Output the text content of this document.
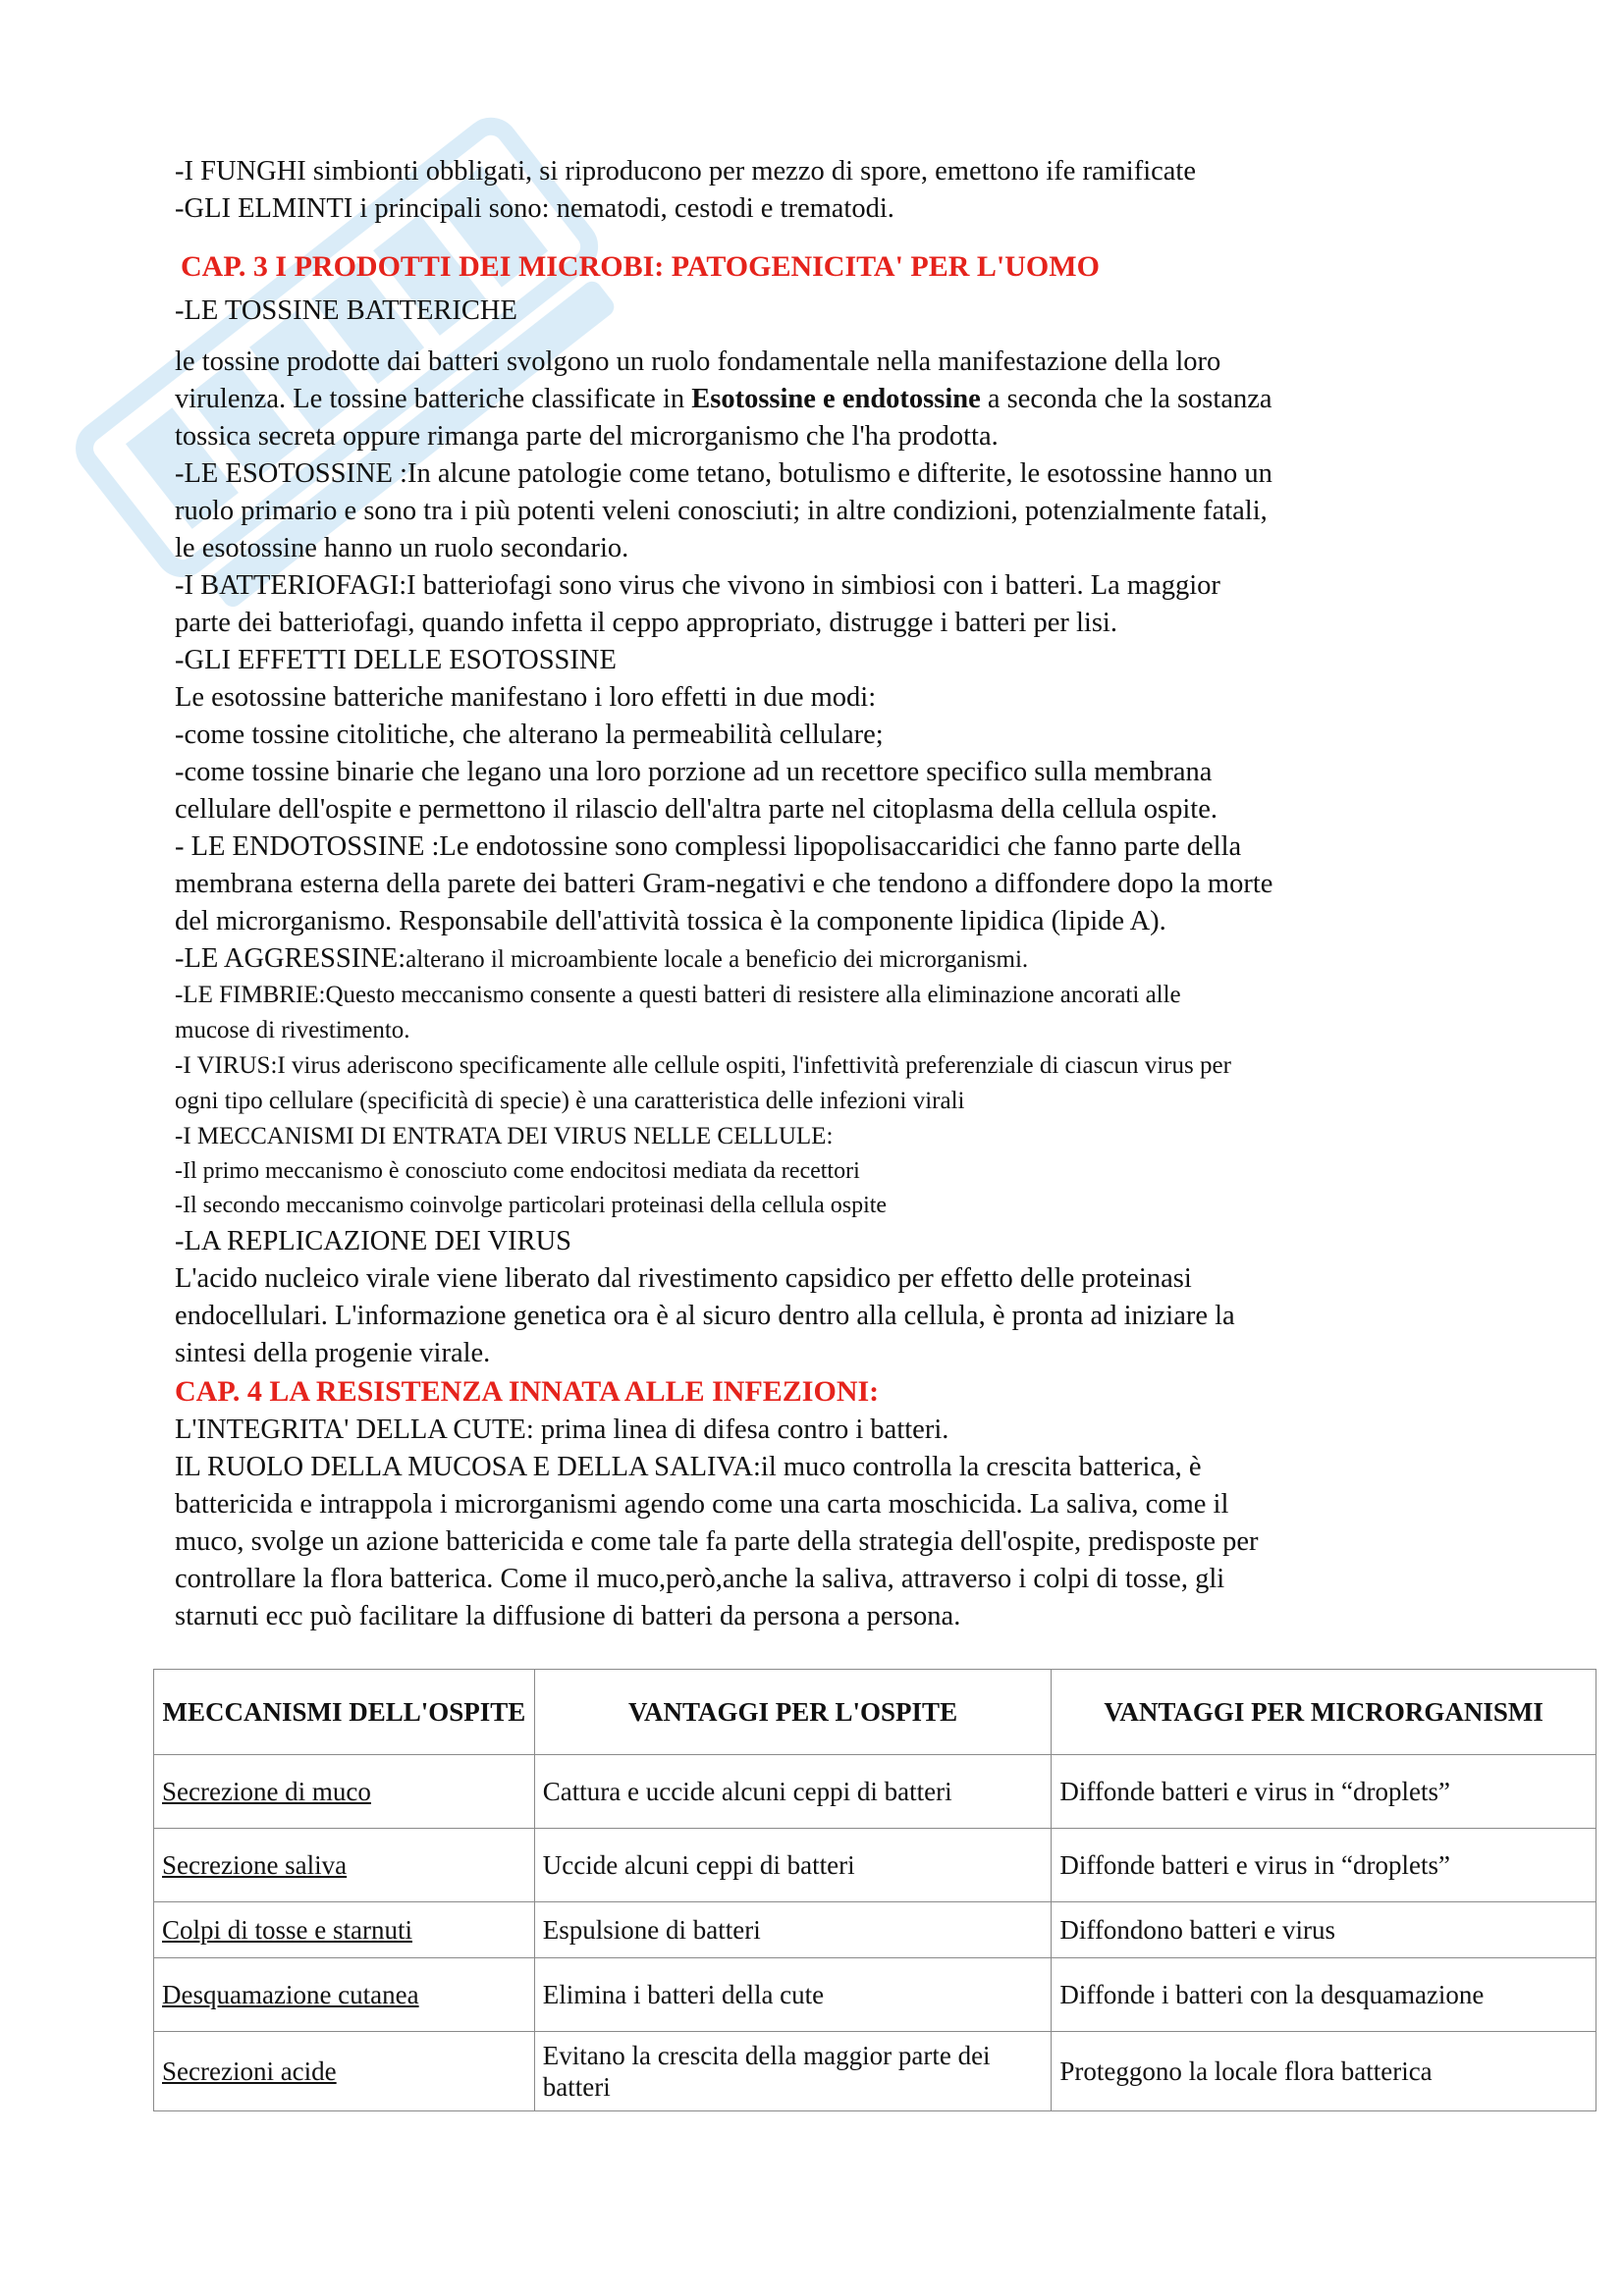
-I FUNGHI simbionti obbligati, si riproducono per mezzo di spore, emettono ife ramificate
-GLI ELMINTI i principali sono: nematodi, cestodi e trematodi.
CAP. 3 I PRODOTTI DEI MICROBI: PATOGENICITA' PER L'UOMO
-LE TOSSINE BATTERICHE
le tossine prodotte dai batteri svolgono un ruolo fondamentale nella manifestazione della loro
virulenza. Le tossine batteriche classificate in Esotossine e endotossine a seconda che la sostanza
tossica secreta oppure rimanga parte del microrganismo che l'ha prodotta.
-LE ESOTOSSINE :In alcune patologie come tetano, botulismo e difterite, le esotossine hanno un
ruolo primario e sono tra i più potenti veleni conosciuti; in altre condizioni, potenzialmente fatali,
le esotossine hanno un ruolo secondario.
-I BATTERIOFAGI:I batteriofagi sono virus che vivono in simbiosi con i batteri. La maggior
parte dei batteriofagi, quando infetta il ceppo appropriato, distrugge i batteri per lisi.
-GLI EFFETTI DELLE ESOTOSSINE
Le esotossine batteriche manifestano i loro effetti in due modi:
-come tossine citolitiche, che alterano la permeabilità cellulare;
-come tossine binarie che legano una loro porzione ad un recettore specifico sulla membrana
cellulare dell'ospite e permettono il rilascio dell'altra parte nel citoplasma della cellula ospite.
- LE ENDOTOSSINE :Le endotossine sono complessi lipopolisaccaridici che fanno parte della
membrana esterna della parete dei batteri Gram-negativi e che tendono a diffondere dopo la morte
del microrganismo. Responsabile dell'attività tossica è la componente lipidica (lipide A).
-LE AGGRESSINE:alterano il microambiente locale a beneficio dei microrganismi.
-LE FIMBRIE:Questo meccanismo consente a questi batteri di resistere alla eliminazione ancorati alle
mucose di rivestimento.
-I VIRUS:I virus aderiscono specificamente alle cellule ospiti, l'infettività preferenziale di ciascun virus per
ogni tipo cellulare (specificità di specie) è una caratteristica delle infezioni virali
-I MECCANISMI DI ENTRATA DEI VIRUS NELLE CELLULE:
-Il primo meccanismo è conosciuto come endocitosi mediata da recettori
-Il secondo meccanismo coinvolge particolari proteinasi della cellula ospite
-LA REPLICAZIONE DEI VIRUS
L'acido nucleico virale viene liberato dal rivestimento capsidico per effetto delle proteinasi
endocellulari. L'informazione genetica ora è al sicuro dentro alla cellula, è pronta ad iniziare la
sintesi della progenie virale.
CAP. 4 LA RESISTENZA INNATA ALLE INFEZIONI:
L'INTEGRITA' DELLA CUTE: prima linea di difesa contro i batteri.
IL RUOLO DELLA MUCOSA E DELLA SALIVA:il muco controlla la crescita batterica, è
battericida e intrappola i microrganismi agendo come una carta moschicida. La saliva, come il
muco, svolge un azione battericida e come tale fa parte della strategia dell'ospite, predisposte per
controllare la flora batterica. Come il muco,però,anche la saliva, attraverso i colpi di tosse, gli
starnuti ecc può facilitare la diffusione di batteri da persona a persona.
MECCANISMI DELL'OSPITE	VANTAGGI PER L'OSPITE	VANTAGGI PER MICRORGANISMI
Secrezione di muco	Cattura e uccide alcuni ceppi di batteri	Diffonde batteri e virus in “droplets”
Secrezione saliva	Uccide alcuni ceppi di batteri	Diffonde batteri e virus in “droplets”
Colpi di tosse e starnuti	Espulsione di batteri	Diffondono batteri e virus
Desquamazione cutanea	Elimina i batteri della cute	Diffonde i batteri con la desquamazione
Secrezioni acide	Evitano la crescita della maggior parte dei batteri	Proteggono la locale flora batterica
